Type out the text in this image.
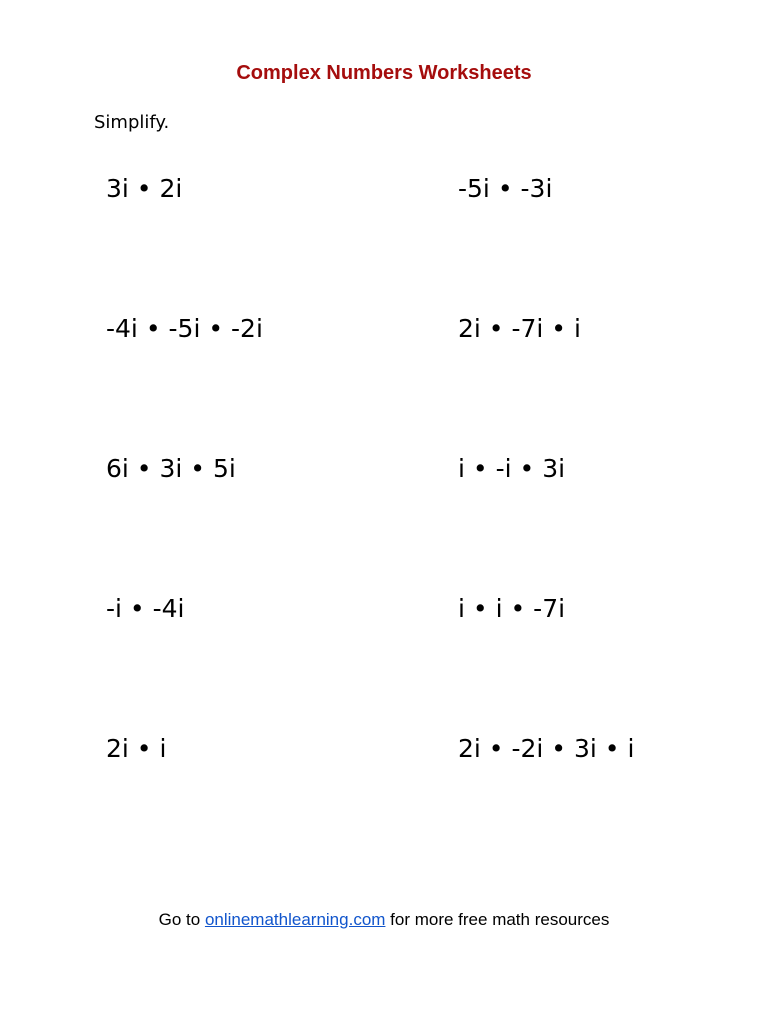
Complex Numbers Worksheets

Simplify.

3i • 2i	-5i • -3i
-4i • -5i • -2i	2i • -7i • i
6i • 3i • 5i	i • -i • 3i
-i • -4i	i • i • -7i
2i • i	2i • -2i • 3i • i
Go to onlinemathlearning.com for more free math resources
